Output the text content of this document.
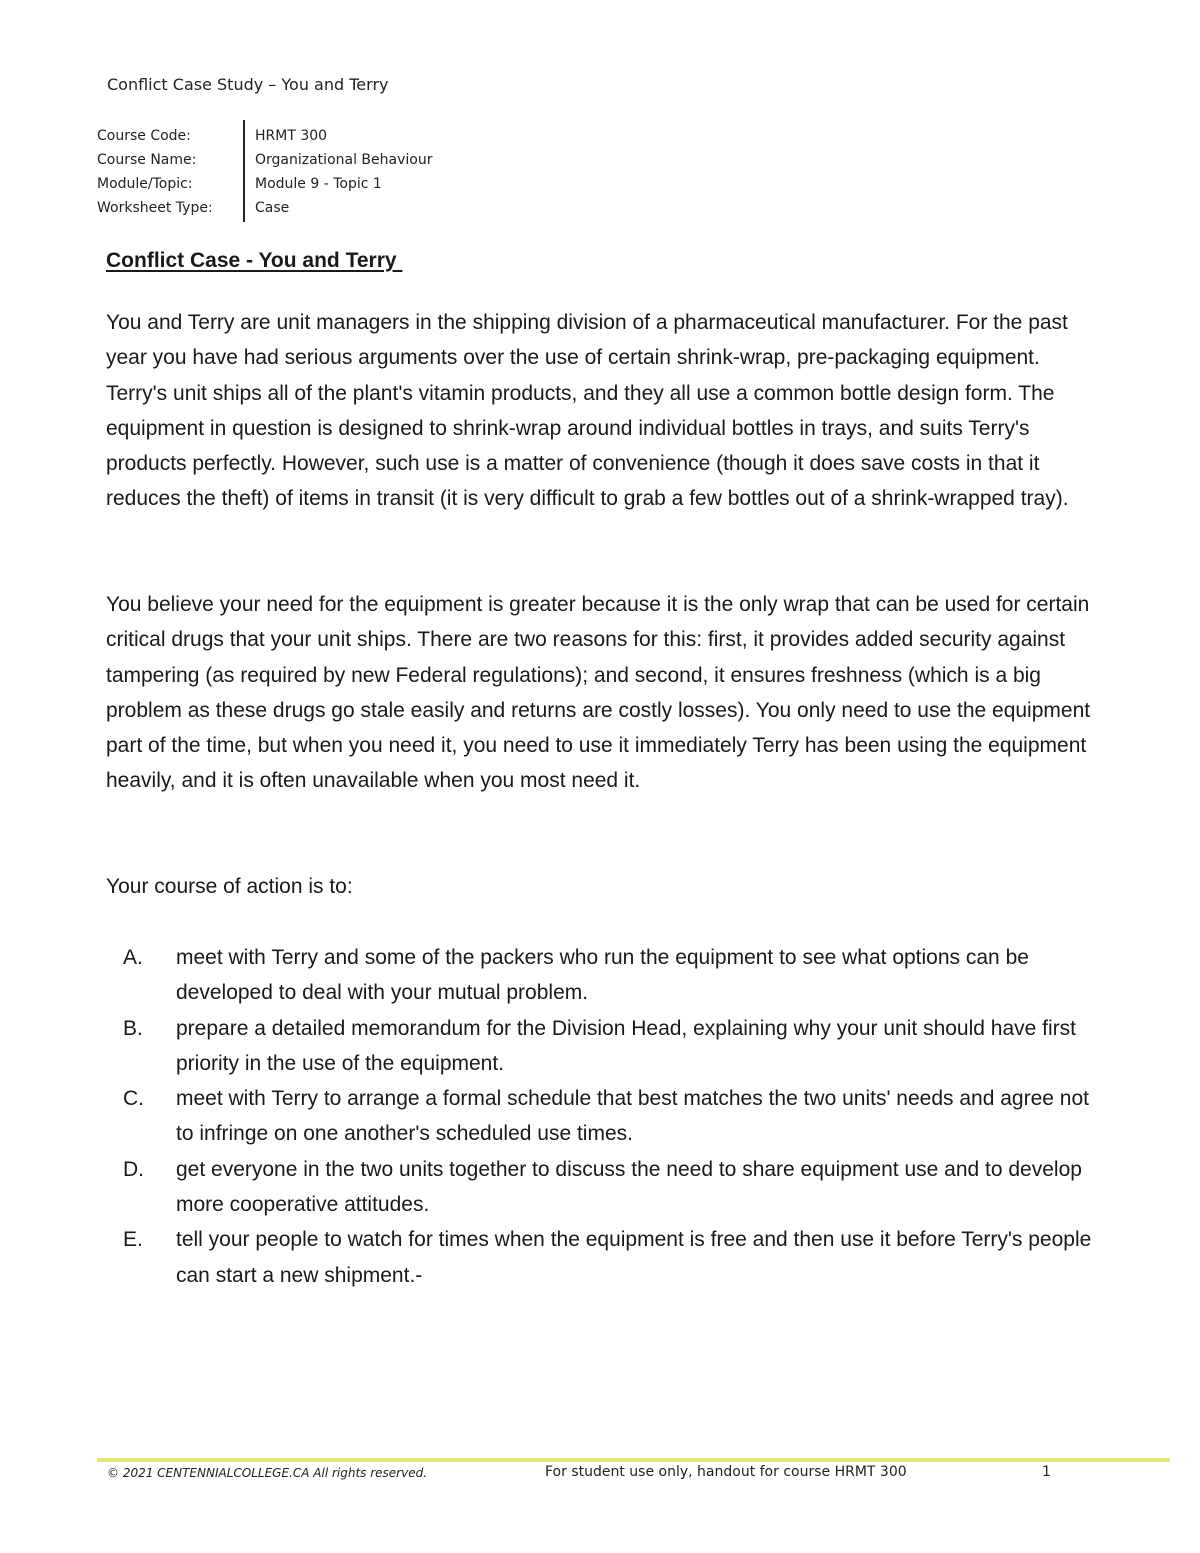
Conflict Case Study – You and Terry
Course Code:	HRMT 300
Course Name:	Organizational Behaviour
Module/Topic:	Module 9 - Topic 1
Worksheet Type:	Case
Conflict Case - You and Terry

You and Terry are unit managers in the shipping division of a pharmaceutical manufacturer. For the past year you have had serious arguments over the use of certain shrink-wrap, pre-packaging equipment. Terry's unit ships all of the plant's vitamin products, and they all use a common bottle design form. The equipment in question is designed to shrink-wrap around individual bottles in trays, and suits Terry's products perfectly. However, such use is a matter of convenience (though it does save costs in that it reduces the theft) of items in transit (it is very difficult to grab a few bottles out of a shrink-wrapped tray).

You believe your need for the equipment is greater because it is the only wrap that can be used for certain critical drugs that your unit ships. There are two reasons for this: first, it provides added security against tampering (as required by new Federal regulations); and second, it ensures freshness (which is a big problem as these drugs go stale easily and returns are costly losses). You only need to use the equipment part of the time, but when you need it, you need to use it immediately Terry has been using the equipment heavily, and it is often unavailable when you most need it.

Your course of action is to:

A.	meet with Terry and some of the packers who run the equipment to see what options can be developed to deal with your mutual problem.
B.	prepare a detailed memorandum for the Division Head, explaining why your unit should have first priority in the use of the equipment.
C.	meet with Terry to arrange a formal schedule that best matches the two units' needs and agree not to infringe on one another's scheduled use times.
D.	get everyone in the two units together to discuss the need to share equipment use and to develop more cooperative attitudes.
E.	tell your people to watch for times when the equipment is free and then use it before Terry's people can start a new shipment.-
© 2021 CENTENNIALCOLLEGE.CA All rights reserved.	For student use only, handout for course HRMT 300	1
